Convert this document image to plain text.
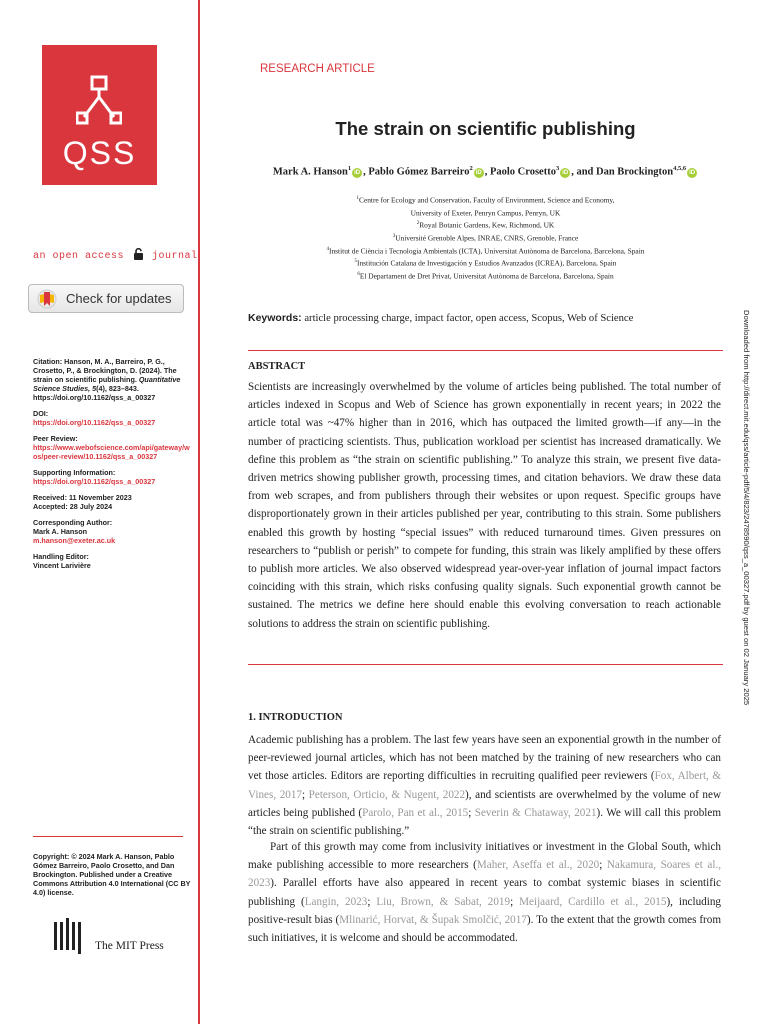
QSS
an open access	journal
Check for updates
Citation: Hanson, M. A., Barreiro, P. G., Crosetto, P., & Brockington, D. (2024). The strain on scientific publishing. Quantitative Science Studies, 5(4), 823–843. https://doi.org/10.1162/qss_a_00327
DOI:
https://doi.org/10.1162/qss_a_00327
Peer Review:
https://www.webofscience.com/api/gateway/wos/peer-review/10.1162/qss_a_00327
Supporting Information:
https://doi.org/10.1162/qss_a_00327
Received: 11 November 2023
Accepted: 28 July 2024
Corresponding Author:
Mark A. Hanson
m.hanson@exeter.ac.uk
Handling Editor:
Vincent Larivière
Copyright: © 2024 Mark A. Hanson, Pablo Gómez Barreiro, Paolo Crosetto, and Dan Brockington. Published under a Creative Commons Attribution 4.0 International (CC BY 4.0) license.
The MIT Press
RESEARCH ARTICLE
The strain on scientific publishing
Mark A. Hanson$^1$iD , Pablo Gómez Barreiro$^2$iD , Paolo Crosetto$^3$iD , and Dan Brockington$^{4,5,6}$iD
$^1$Centre for Ecology and Conservation, Faculty of Environment, Science and Economy,
University of Exeter, Penryn Campus, Penryn, UK
$^2$Royal Botanic Gardens, Kew, Richmond, UK
$^3$Université Grenoble Alpes, INRAE, CNRS, Grenoble, France
$^4$Institut de Ciència i Tecnologia Ambientals (ICTA), Universitat Autònoma de Barcelona, Barcelona, Spain
$^5$Institución Catalana de Investigación y Estudios Avanzados (ICREA), Barcelona, Spain
$^6$El Departament de Dret Privat, Universitat Autònoma de Barcelona, Barcelona, Spain
Keywords: article processing charge, impact factor, open access, Scopus, Web of Science
ABSTRACT
Scientists are increasingly overwhelmed by the volume of articles being published. The total number of articles indexed in Scopus and Web of Science has grown exponentially in recent years; in 2022 the article total was ~47% higher than in 2016, which has outpaced the limited growth—if any—in the number of practicing scientists. Thus, publication workload per scientist has increased dramatically. We define this problem as “the strain on scientific publishing.” To analyze this strain, we present five data-driven metrics showing publisher growth, processing times, and citation behaviors. We draw these data from web scrapes, and from publishers through their websites or upon request. Specific groups have disproportionately grown in their articles published per year, contributing to this strain. Some publishers enabled this growth by hosting “special issues” with reduced turnaround times. Given pressures on researchers to “publish or perish” to compete for funding, this strain was likely amplified by these offers to publish more articles. We also observed widespread year-over-year inflation of journal impact factors coinciding with this strain, which risks confusing quality signals. Such exponential growth cannot be sustained. The metrics we define here should enable this evolving conversation to reach actionable solutions to address the strain on scientific publishing.
1. INTRODUCTION
Academic publishing has a problem. The last few years have seen an exponential growth in the number of peer-reviewed journal articles, which has not been matched by the training of new researchers who can vet those articles. Editors are reporting difficulties in recruiting qualified peer reviewers (Fox, Albert, & Vines, 2017; Peterson, Orticio, & Nugent, 2022), and scientists are overwhelmed by the volume of new articles being published (Parolo, Pan et al., 2015; Severin & Chataway, 2021). We will call this problem “the strain on scientific publishing.”
Part of this growth may come from inclusivity initiatives or investment in the Global South, which make publishing accessible to more researchers (Maher, Aseffa et al., 2020; Nakamura, Soares et al., 2023). Parallel efforts have also appeared in recent years to combat systemic biases in scientific publishing (Langin, 2023; Liu, Brown, & Sabat, 2019; Meijaard, Cardillo et al., 2015), including positive-result bias (Mlinarić, Horvat, & Šupak Smolčić, 2017). To the extent that the growth comes from such initiatives, it is welcome and should be accommodated.
Downloaded from http://direct.mit.edu/qss/article-pdf/5/4/823/2478590/qss_a_00327.pdf by guest on 02 January 2025
